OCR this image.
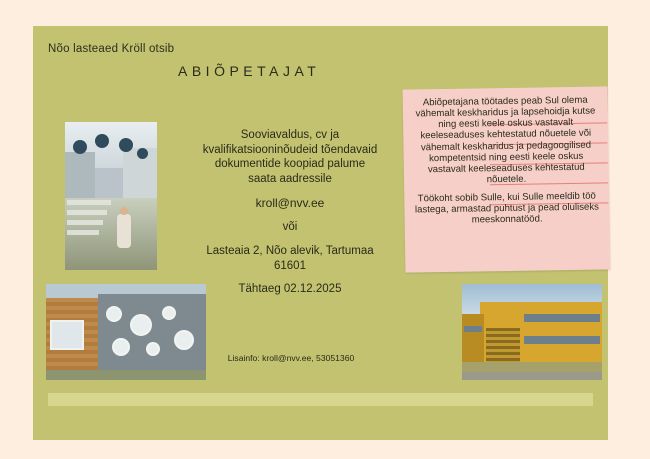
Nõo lasteaed Kröll otsib
ABIÕPETAJAT
Sooviavaldus, cv ja kvalifikatsiooninõudeid tõendavaid dokumentide koopiad palume saata aadressile
kroll@nvv.ee
või
Lasteaia 2, Nõo alevik, Tartumaa 61601
Tähtaeg 02.12.2025
Abiõpetajana töötades peab Sul olema vähemalt keskharidus ja lapsehoidja kutse ning eesti keele oskus vastavalt keeleseaduses kehtestatud nõuetele või vähemalt keskharidus ja pedagoogilised kompetentsid ning eesti keele oskus vastavalt keeleseaduses kehtestatud nõuetele.
Töökoht sobib Sulle, kui Sulle meeldib töö lastega, armastad puhtust ja pead oluliseks meeskonnatööd.
Lisainfo: kroll@nvv.ee, 53051360
